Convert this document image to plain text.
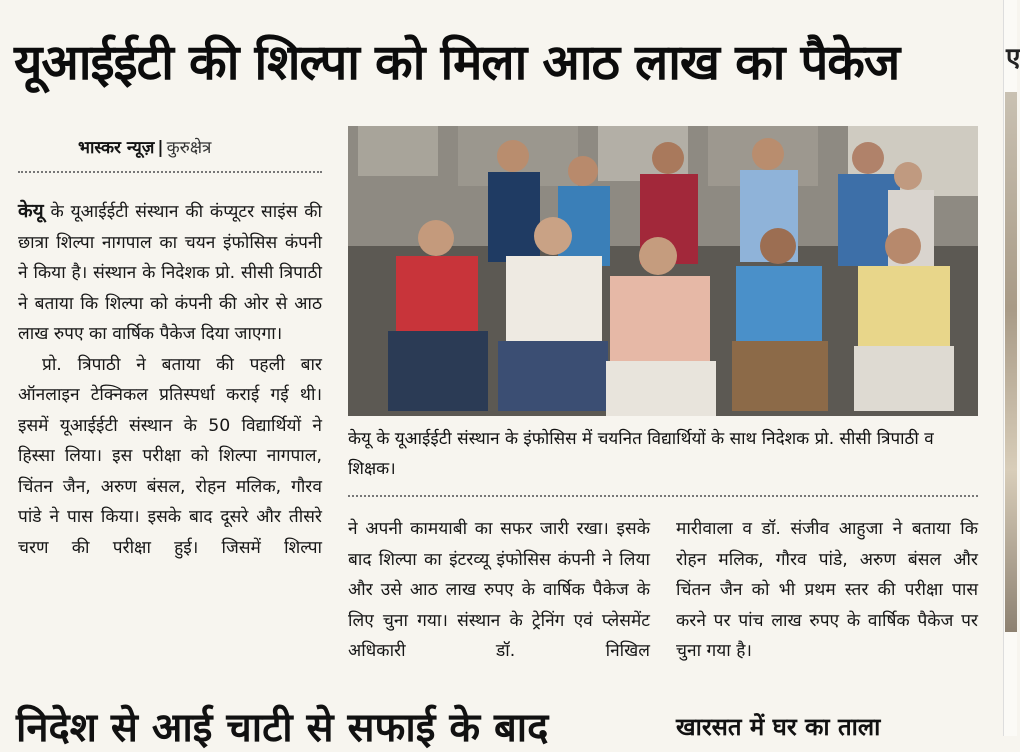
यूआईईटी की शिल्पा को मिला आठ लाख का पैकेज
भास्कर न्यूज़ | कुरुक्षेत्र

केयू के यूआईईटी संस्थान की कंप्यूटर साइंस की छात्रा शिल्पा नागपाल का चयन इंफोसिस कंपनी ने किया है। संस्थान के निदेशक प्रो. सीसी त्रिपाठी ने बताया कि शिल्पा को कंपनी की ओर से आठ लाख रुपए का वार्षिक पैकेज दिया जाएगा।

प्रो. त्रिपाठी ने बताया की पहली बार ऑनलाइन टेक्निकल प्रतिस्पर्धा कराई गई थी। इसमें यूआईईटी संस्थान के 50 विद्यार्थियों ने हिस्सा लिया। इस परीक्षा को शिल्पा नागपाल, चिंतन जैन, अरुण बंसल, रोहन मलिक, गौरव पांडे ने पास किया। इसके बाद दूसरे और तीसरे चरण की परीक्षा हुई। जिसमें शिल्पा

केयू के यूआईईटी संस्थान के इंफोसिस में चयनित विद्यार्थियों के साथ निदेशक प्रो. सीसी त्रिपाठी व शिक्षक।

ने अपनी कामयाबी का सफर जारी रखा। इसके बाद शिल्पा का इंटरव्यू इंफोसिस कंपनी ने लिया और उसे आठ लाख रुपए के वार्षिक पैकेज के लिए चुना गया। संस्थान के ट्रेनिंग एवं प्लेसमेंट अधिकारी डॉ. निखिल

मारीवाला व डॉ. संजीव आहुजा ने बताया कि रोहन मलिक, गौरव पांडे, अरुण बंसल और चिंतन जैन को भी प्रथम स्तर की परीक्षा पास करने पर पांच लाख रुपए के वार्षिक पैकेज पर चुना गया है।

निदेश से आई चाटी से सफाई के बाद	खारसत में घर का ताला
ए
